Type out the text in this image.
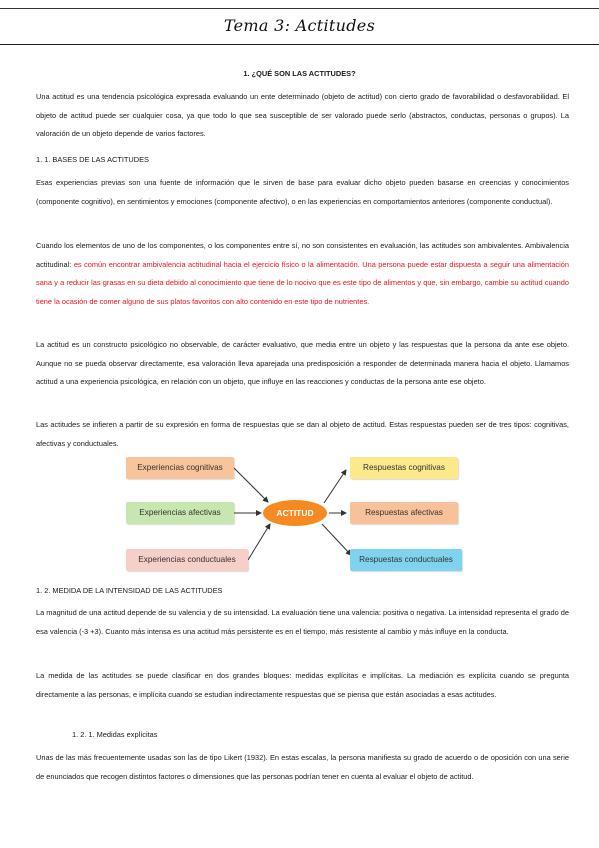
Tema 3: Actitudes

1. ¿QUÉ SON LAS ACTITUDES?

Una actitud es una tendencia psicológica expresada evaluando un ente determinado (objeto de actitud) con cierto grado de favorabilidad o desfavorabilidad. El objeto de actitud puede ser cualquier cosa, ya que todo lo que sea susceptible de ser valorado puede serlo (abstractos, conductas, personas o grupos). La valoración de un objeto depende de varios factores.

1. 1. BASES DE LAS ACTITUDES

Esas experiencias previas son una fuente de información que le sirven de base para evaluar dicho objeto pueden basarse en creencias y conocimientos (componente cognitivo), en sentimientos y emociones (componente afectivo), o en las experiencias en comportamientos anteriores (componente conductual).

Cuando los elementos de uno de los componentes, o los componentes entre sí, no son consistentes en evaluación, las actitudes son ambivalentes. Ambivalencia actitudinal: es común encontrar ambivalencia actitudinal hacia el ejercicio físico o la alimentación. Una persona puede estar dispuesta a seguir una alimentación sana y a reducir las grasas en su dieta debido al conocimiento que tiene de lo nocivo que es este tipo de alimentos y que, sin embargo, cambie su actitud cuando tiene la ocasión de comer alguno de sus platos favoritos con alto contenido en este tipo de nutrientes.

La actitud es un constructo psicológico no observable, de carácter evaluativo, que media entre un objeto y las respuestas que la persona da ante ese objeto. Aunque no se pueda observar directamente, esa valoración lleva aparejada una predisposición a responder de determinada manera hacia el objeto. Llamamos actitud a una experiencia psicológica, en relación con un objeto, que influye en las reacciones y conductas de la persona ante ese objeto.

Las actitudes se infieren a partir de su expresión en forma de respuestas que se dan al objeto de actitud. Estas respuestas pueden ser de tres tipos: cognitivas, afectivas y conductuales.

Experiencias cognitivas
Experiencias afectivas
Experiencias conductuales
ACTITUD
Respuestas cognitivas
Respuestas afectivas
Respuestas conductuales

1. 2. MEDIDA DE LA INTENSIDAD DE LAS ACTITUDES

La magnitud de una actitud depende de su valencia y de su intensidad. La evaluación tiene una valencia: positiva o negativa. La intensidad representa el grado de esa valencia (-3 +3). Cuanto más intensa es una actitud más persistente es en el tiempo, más resistente al cambio y más influye en la conducta.

La medida de las actitudes se puede clasificar en dos grandes bloques: medidas explícitas e implícitas. La mediación es explícita cuando se pregunta directamente a las personas, e implícita cuando se estudian indirectamente respuestas que se piensa que están asociadas a esas actitudes.

1. 2. 1. Medidas explícitas

Unas de las más frecuentemente usadas son las de tipo Likert (1932). En estas escalas, la persona manifiesta su grado de acuerdo o de oposición con una serie de enunciados que recogen distintos factores o dimensiones que las personas podrían tener en cuenta al evaluar el objeto de actitud.
